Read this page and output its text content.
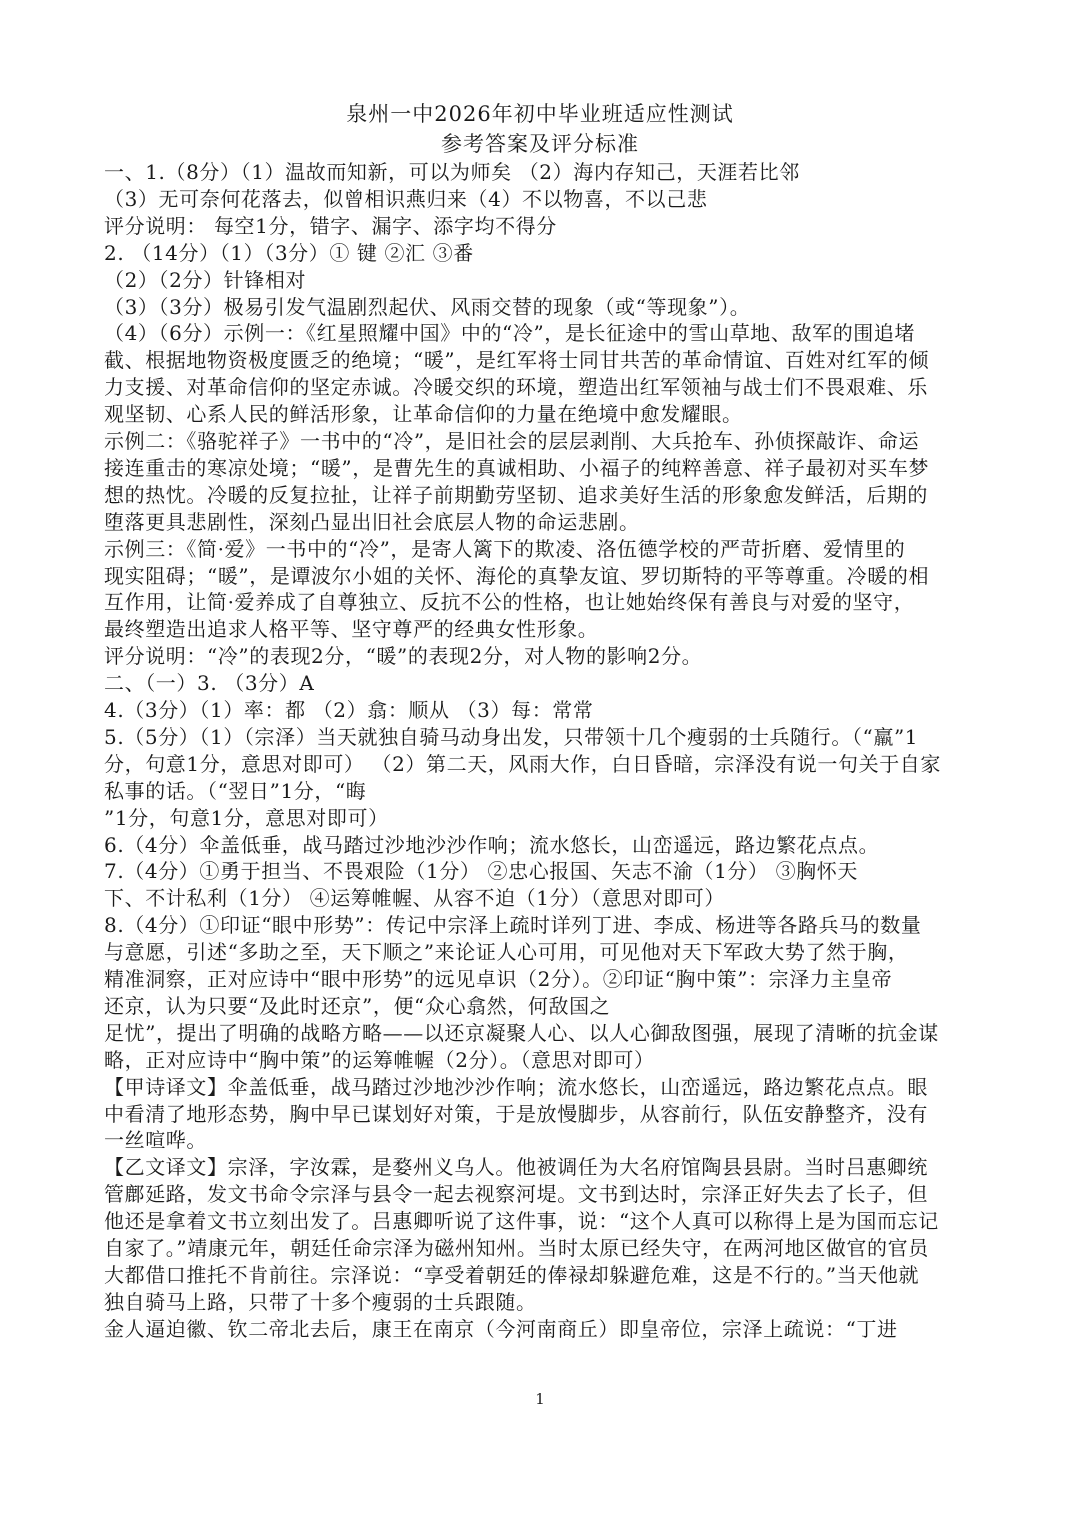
泉州一中2026年初中毕业班适应性测试
参考答案及评分标准
一、1.（8分）（1）温故而知新，可以为师矣 （2）海内存知己，天涯若比邻
（3）无可奈何花落去，似曾相识燕归来（4）不以物喜，不以己悲
评分说明： 每空1分，错字、漏字、添字均不得分
2. （14分）（1）（3分）① 键 ②汇 ③番
（2）（2分）针锋相对
（3）（3分）极易引发气温剧烈起伏、风雨交替的现象（或“等现象”）。
（4）（6分）示例一：《红星照耀中国》中的“冷”，是长征途中的雪山草地、敌军的围追堵
截、根据地物资极度匮乏的绝境；“暖”，是红军将士同甘共苦的革命情谊、百姓对红军的倾
力支援、对革命信仰的坚定赤诚。冷暖交织的环境，塑造出红军领袖与战士们不畏艰难、乐
观坚韧、心系人民的鲜活形象，让革命信仰的力量在绝境中愈发耀眼。
示例二：《骆驼祥子》一书中的“冷”，是旧社会的层层剥削、大兵抢车、孙侦探敲诈、命运
接连重击的寒凉处境；“暖”，是曹先生的真诚相助、小福子的纯粹善意、祥子最初对买车梦
想的热忱。冷暖的反复拉扯，让祥子前期勤劳坚韧、追求美好生活的形象愈发鲜活，后期的
堕落更具悲剧性，深刻凸显出旧社会底层人物的命运悲剧。
示例三：《简·爱》一书中的“冷”，是寄人篱下的欺凌、洛伍德学校的严苛折磨、爱情里的
现实阻碍；“暖”，是谭波尔小姐的关怀、海伦的真挚友谊、罗切斯特的平等尊重。冷暖的相
互作用，让简·爱养成了自尊独立、反抗不公的性格，也让她始终保有善良与对爱的坚守，
最终塑造出追求人格平等、坚守尊严的经典女性形象。
评分说明：“冷”的表现2分，“暖”的表现2分，对人物的影响2分。
二、（一）3. （3分）A
4.（3分）（1）率：都 （2）翕：顺从 （3）每：常常
5.（5分）（1）（宗泽）当天就独自骑马动身出发，只带领十几个瘦弱的士兵随行。（“羸”1
分，句意1分，意思对即可） （2）第二天，风雨大作，白日昏暗，宗泽没有说一句关于自家
私事的话。（“翌日”1分，“晦
”1分，句意1分，意思对即可）
6.（4分）伞盖低垂，战马踏过沙地沙沙作响；流水悠长，山峦遥远，路边繁花点点。
7.（4分）①勇于担当、不畏艰险（1分） ②忠心报国、矢志不渝（1分） ③胸怀天
下、不计私利（1分） ④运筹帷幄、从容不迫（1分）（意思对即可）
8.（4分）①印证“眼中形势”：传记中宗泽上疏时详列丁进、李成、杨进等各路兵马的数量
与意愿，引述“多助之至，天下顺之”来论证人心可用，可见他对天下军政大势了然于胸，
精准洞察，正对应诗中“眼中形势”的远见卓识（2分）。②印证“胸中策”：宗泽力主皇帝
还京，认为只要“及此时还京”，便“众心翕然，何敌国之
足忧”，提出了明确的战略方略——以还京凝聚人心、以人心御敌图强，展现了清晰的抗金谋
略，正对应诗中“胸中策”的运筹帷幄（2分）。（意思对即可）
【甲诗译文】伞盖低垂，战马踏过沙地沙沙作响；流水悠长，山峦遥远，路边繁花点点。眼
中看清了地形态势，胸中早已谋划好对策，于是放慢脚步，从容前行，队伍安静整齐，没有
一丝喧哗。
【乙文译文】宗泽，字汝霖，是婺州义乌人。他被调任为大名府馆陶县县尉。当时吕惠卿统
管鄜延路，发文书命令宗泽与县令一起去视察河堤。文书到达时，宗泽正好失去了长子，但
他还是拿着文书立刻出发了。吕惠卿听说了这件事，说：“这个人真可以称得上是为国而忘记
自家了。”靖康元年，朝廷任命宗泽为磁州知州。当时太原已经失守，在两河地区做官的官员
大都借口推托不肯前往。宗泽说：“享受着朝廷的俸禄却躲避危难，这是不行的。”当天他就
独自骑马上路，只带了十多个瘦弱的士兵跟随。
金人逼迫徽、钦二帝北去后，康王在南京（今河南商丘）即皇帝位，宗泽上疏说：“丁进
1
